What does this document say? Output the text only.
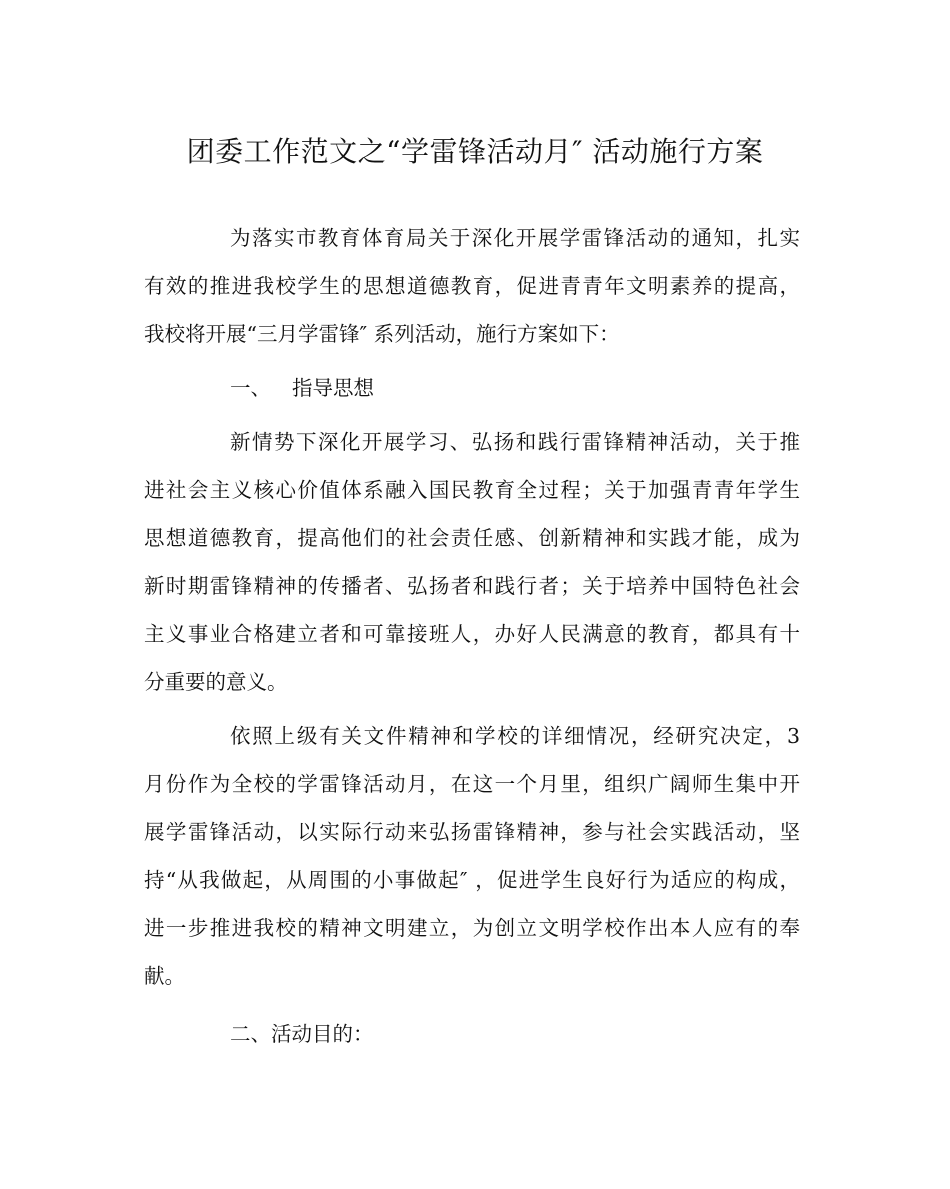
团委工作范文之“学雷锋活动月″ 活动施行方案
为落实市教育体育局关于深化开展学雷锋活动的通知，扎实
有效的推进我校学生的思想道德教育，促进青青年文明素养的提高，
我校将开展“三月学雷锋″ 系列活动，施行方案如下：
一、 指导思想
新情势下深化开展学习、弘扬和践行雷锋精神活动，关于推
进社会主义核心价值体系融入国民教育全过程；关于加强青青年学生
思想道德教育，提高他们的社会责任感、创新精神和实践才能，成为
新时期雷锋精神的传播者、弘扬者和践行者；关于培养中国特色社会
主义事业合格建立者和可靠接班人，办好人民满意的教育，都具有十
分重要的意义。
依照上级有关文件精神和学校的详细情况，经研究决定，3
月份作为全校的学雷锋活动月，在这一个月里，组织广阔师生集中开
展学雷锋活动，以实际行动来弘扬雷锋精神，参与社会实践活动，坚
持“从我做起，从周围的小事做起″ ，促进学生良好行为适应的构成，
进一步推进我校的精神文明建立，为创立文明学校作出本人应有的奉
献。
二、活动目的：
